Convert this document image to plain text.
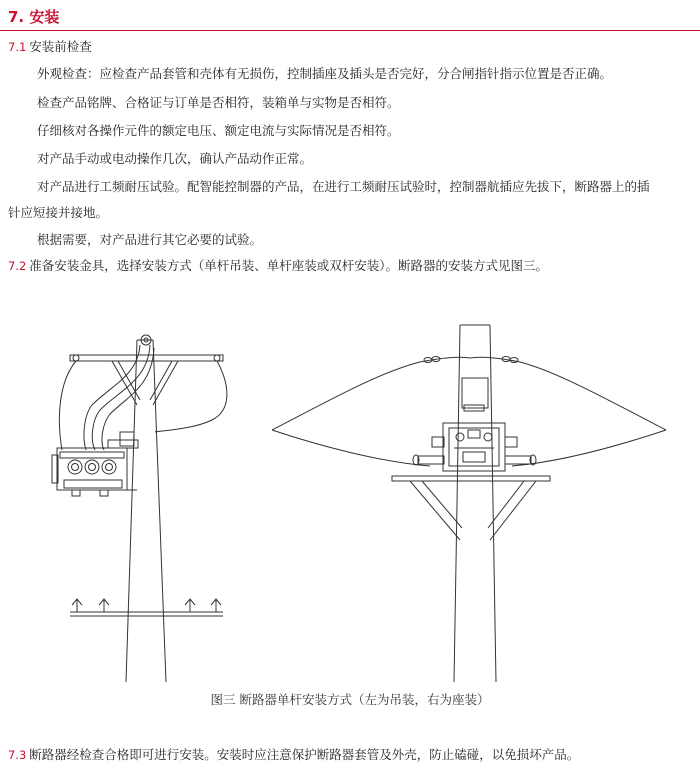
7. 安装
7.1 安装前检查
外观检查：应检查产品套管和壳体有无损伤，控制插座及插头是否完好，分合闸指针指示位置是否正确。
检查产品铭牌、合格证与订单是否相符，装箱单与实物是否相符。
仔细核对各操作元件的额定电压、额定电流与实际情况是否相符。
对产品手动或电动操作几次，确认产品动作正常。
对产品进行工频耐压试验。配智能控制器的产品，在进行工频耐压试验时，控制器航插应先拔下，断路器上的插
针应短接并接地。
根据需要，对产品进行其它必要的试验。
7.2 准备安装金具，选择安装方式（单杆吊装、单杆座装或双杆安装）。断路器的安装方式见图三。
图三 断路器单杆安装方式（左为吊装，右为座装）
7.3 断路器经检查合格即可进行安装。安装时应注意保护断路器套管及外壳，防止磕碰，以免损坏产品。
